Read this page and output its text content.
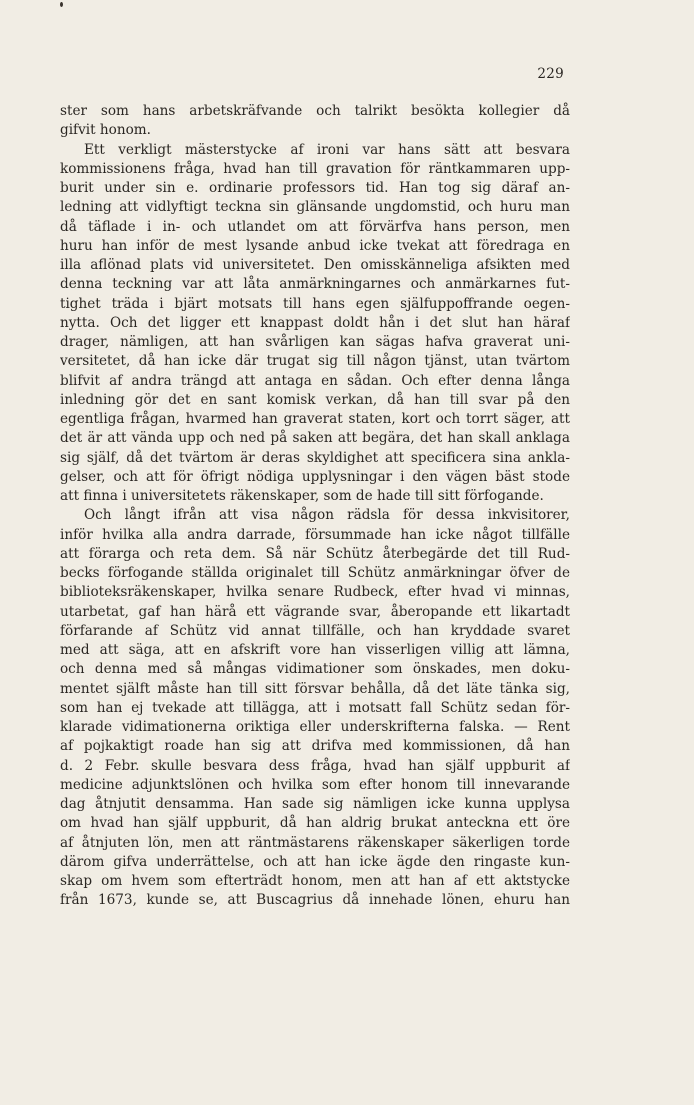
229
ster som hans arbetskräfvande och talrikt besökta kollegier då
gifvit honom.
Ett verkligt mästerstycke af ironi var hans sätt att besvara
kommissionens fråga, hvad han till gravation för räntkammaren upp-
burit under sin e. ordinarie professors tid. Han tog sig däraf an-
ledning att vidlyftigt teckna sin glänsande ungdomstid, och huru man
då täflade i in- och utlandet om att förvärfva hans person, men
huru han inför de mest lysande anbud icke tvekat att föredraga en
illa aflönad plats vid universitetet. Den omisskänneliga afsikten med
denna teckning var att låta anmärkningarnes och anmärkarnes fut-
tighet träda i bjärt motsats till hans egen själfuppoffrande oegen-
nytta. Och det ligger ett knappast doldt hån i det slut han häraf
drager, nämligen, att han svårligen kan sägas hafva graverat uni-
versitetet, då han icke där trugat sig till någon tjänst, utan tvärtom
blifvit af andra trängd att antaga en sådan. Och efter denna långa
inledning gör det en sant komisk verkan, då han till svar på den
egentliga frågan, hvarmed han graverat staten, kort och torrt säger, att
det är att vända upp och ned på saken att begära, det han skall anklaga
sig själf, då det tvärtom är deras skyldighet att specificera sina ankla-
gelser, och att för öfrigt nödiga upplysningar i den vägen bäst stode
att finna i universitetets räkenskaper, som de hade till sitt förfogande.
Och långt ifrån att visa någon rädsla för dessa inkvisitorer,
inför hvilka alla andra darrade, försummade han icke något tillfälle
att förarga och reta dem. Så när Schütz återbegärde det till Rud-
becks förfogande ställda originalet till Schütz anmärkningar öfver de
biblioteksräkenskaper, hvilka senare Rudbeck, efter hvad vi minnas,
utarbetat, gaf han härå ett vägrande svar, åberopande ett likartadt
förfarande af Schütz vid annat tillfälle, och han kryddade svaret
med att säga, att en afskrift vore han visserligen villig att lämna,
och denna med så mångas vidimationer som önskades, men doku-
mentet själft måste han till sitt försvar behålla, då det läte tänka sig,
som han ej tvekade att tillägga, att i motsatt fall Schütz sedan för-
klarade vidimationerna oriktiga eller underskrifterna falska. — Rent
af pojkaktigt roade han sig att drifva med kommissionen, då han
d. 2 Febr. skulle besvara dess fråga, hvad han själf uppburit af
medicine adjunktslönen och hvilka som efter honom till innevarande
dag åtnjutit densamma. Han sade sig nämligen icke kunna upplysa
om hvad han själf uppburit, då han aldrig brukat anteckna ett öre
af åtnjuten lön, men att räntmästarens räkenskaper säkerligen torde
därom gifva underrättelse, och att han icke ägde den ringaste kun-
skap om hvem som efterträdt honom, men att han af ett aktstycke
från 1673, kunde se, att Buscagrius då innehade lönen, ehuru han
